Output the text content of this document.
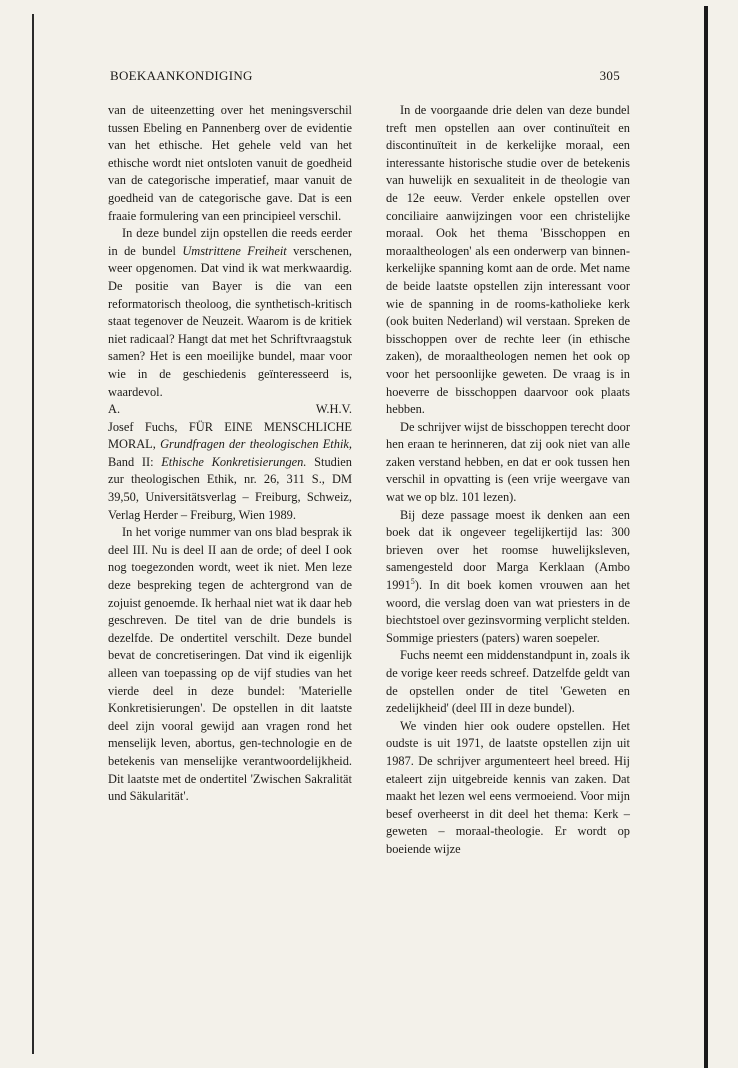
BOEKAANKONDIGING	305

van de uiteenzetting over het meningsverschil tussen Ebeling en Pannenberg over de evidentie van het ethische. Het gehele veld van het ethische wordt niet ontsloten vanuit de goedheid van de categorische imperatief, maar vanuit de goedheid van de categorische gave. Dat is een fraaie formulering van een principieel verschil.

In deze bundel zijn opstellen die reeds eerder in de bundel Umstrittene Freiheit verschenen, weer opgenomen. Dat vind ik wat merkwaardig. De positie van Bayer is die van een reformatorisch theoloog, die synthetisch-kritisch staat tegenover de Neuzeit. Waarom is de kritiek niet radicaal? Hangt dat met het Schriftvraagstuk samen? Het is een moeilijke bundel, maar voor wie in de geschiedenis geïnteresseerd is, waardevol.

A.	W.H.V.

Josef Fuchs, FÜR EINE MENSCHLICHE MORAL, Grundfragen der theologischen Ethik, Band II: Ethische Konkretisierungen. Studien zur theologischen Ethik, nr. 26, 311 S., DM 39,50, Universitätsverlag – Freiburg, Schweiz, Verlag Herder – Freiburg, Wien 1989.

In het vorige nummer van ons blad besprak ik deel III. Nu is deel II aan de orde; of deel I ook nog toegezonden wordt, weet ik niet. Men leze deze bespreking tegen de achtergrond van de zojuist genoemde. Ik herhaal niet wat ik daar heb geschreven. De titel van de drie bundels is dezelfde. De ondertitel verschilt. Deze bundel bevat de concretiseringen. Dat vind ik eigenlijk alleen van toepassing op de vijf studies van het vierde deel in deze bundel: 'Materielle Konkretisierungen'. De opstellen in dit laatste deel zijn vooral gewijd aan vragen rond het menselijk leven, abortus, gen-technologie en de betekenis van menselijke verantwoordelijkheid. Dit laatste met de ondertitel 'Zwischen Sakralität und Säkularität'.

In de voorgaande drie delen van deze bundel treft men opstellen aan over continuïteit en discontinuïteit in de kerkelijke moraal, een interessante historische studie over de betekenis van huwelijk en sexualiteit in de theologie van de 12e eeuw. Verder enkele opstellen over conciliaire aanwijzingen voor een christelijke moraal. Ook het thema 'Bisschoppen en moraaltheologen' als een onderwerp van binnen-kerkelijke spanning komt aan de orde. Met name de beide laatste opstellen zijn interessant voor wie de spanning in de rooms-katholieke kerk (ook buiten Nederland) wil verstaan. Spreken de bisschoppen over de rechte leer (in ethische zaken), de moraaltheologen nemen het ook op voor het persoonlijke geweten. De vraag is in hoeverre de bisschoppen daarvoor ook plaats hebben.

De schrijver wijst de bisschoppen terecht door hen eraan te herinneren, dat zij ook niet van alle zaken verstand hebben, en dat er ook tussen hen verschil in opvatting is (een vrije weergave van wat we op blz. 101 lezen).

Bij deze passage moest ik denken aan een boek dat ik ongeveer tegelijkertijd las: 300 brieven over het roomse huwelijksleven, samengesteld door Marga Kerklaan (Ambo 1991$^5$). In dit boek komen vrouwen aan het woord, die verslag doen van wat priesters in de biechtstoel over gezinsvorming verplicht stelden. Sommige priesters (paters) waren soepeler.

Fuchs neemt een middenstandpunt in, zoals ik de vorige keer reeds schreef. Datzelfde geldt van de opstellen onder de titel 'Geweten en zedelijkheid' (deel III in deze bundel).

We vinden hier ook oudere opstellen. Het oudste is uit 1971, de laatste opstellen zijn uit 1987. De schrijver argumenteert heel breed. Hij etaleert zijn uitgebreide kennis van zaken. Dat maakt het lezen wel eens vermoeiend. Voor mijn besef overheerst in dit deel het thema: Kerk – geweten – moraal-theologie. Er wordt op boeiende wijze
